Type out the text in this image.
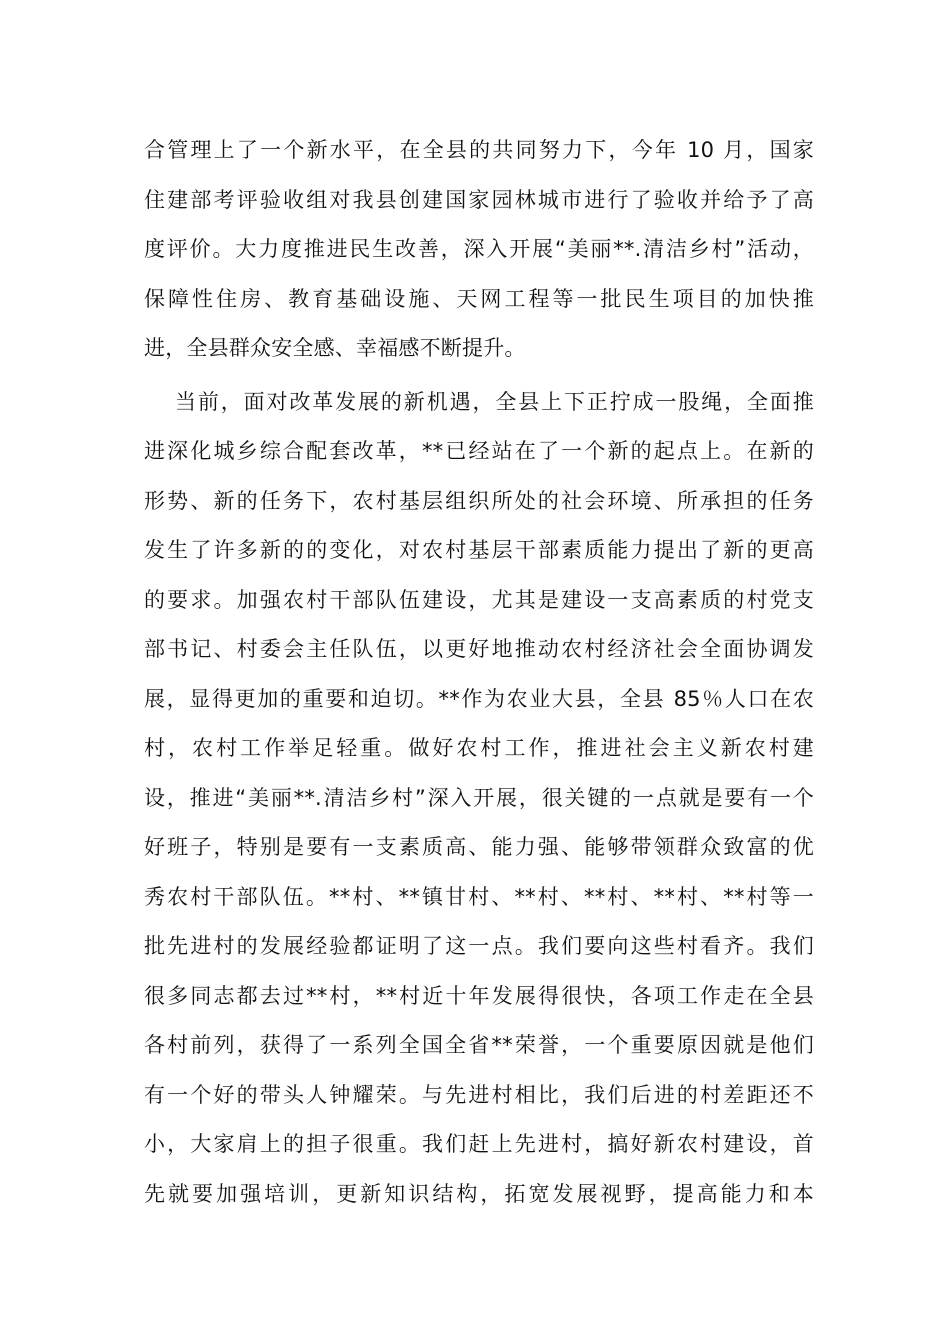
合管理上了一个新水平，在全县的共同努力下，今年 10 月，国家
住建部考评验收组对我县创建国家园林城市进行了验收并给予了高
度评价。大力度推进民生改善，深入开展“美丽**.清洁乡村”活动，
保障性住房、教育基础设施、天网工程等一批民生项目的加快推
进，全县群众安全感、幸福感不断提升。
当前，面对改革发展的新机遇，全县上下正拧成一股绳，全面推
进深化城乡综合配套改革，**已经站在了一个新的起点上。在新的
形势、新的任务下，农村基层组织所处的社会环境、所承担的任务
发生了许多新的的变化，对农村基层干部素质能力提出了新的更高
的要求。加强农村干部队伍建设，尤其是建设一支高素质的村党支
部书记、村委会主任队伍，以更好地推动农村经济社会全面协调发
展，显得更加的重要和迫切。**作为农业大县，全县 85％人口在农
村，农村工作举足轻重。做好农村工作，推进社会主义新农村建
设，推进“美丽**.清洁乡村”深入开展，很关键的一点就是要有一个
好班子，特别是要有一支素质高、能力强、能够带领群众致富的优
秀农村干部队伍。**村、**镇甘村、**村、**村、**村、**村等一
批先进村的发展经验都证明了这一点。我们要向这些村看齐。我们
很多同志都去过**村，**村近十年发展得很快，各项工作走在全县
各村前列，获得了一系列全国全省**荣誉，一个重要原因就是他们
有一个好的带头人钟耀荣。与先进村相比，我们后进的村差距还不
小，大家肩上的担子很重。我们赶上先进村，搞好新农村建设，首
先就要加强培训，更新知识结构，拓宽发展视野，提高能力和本
